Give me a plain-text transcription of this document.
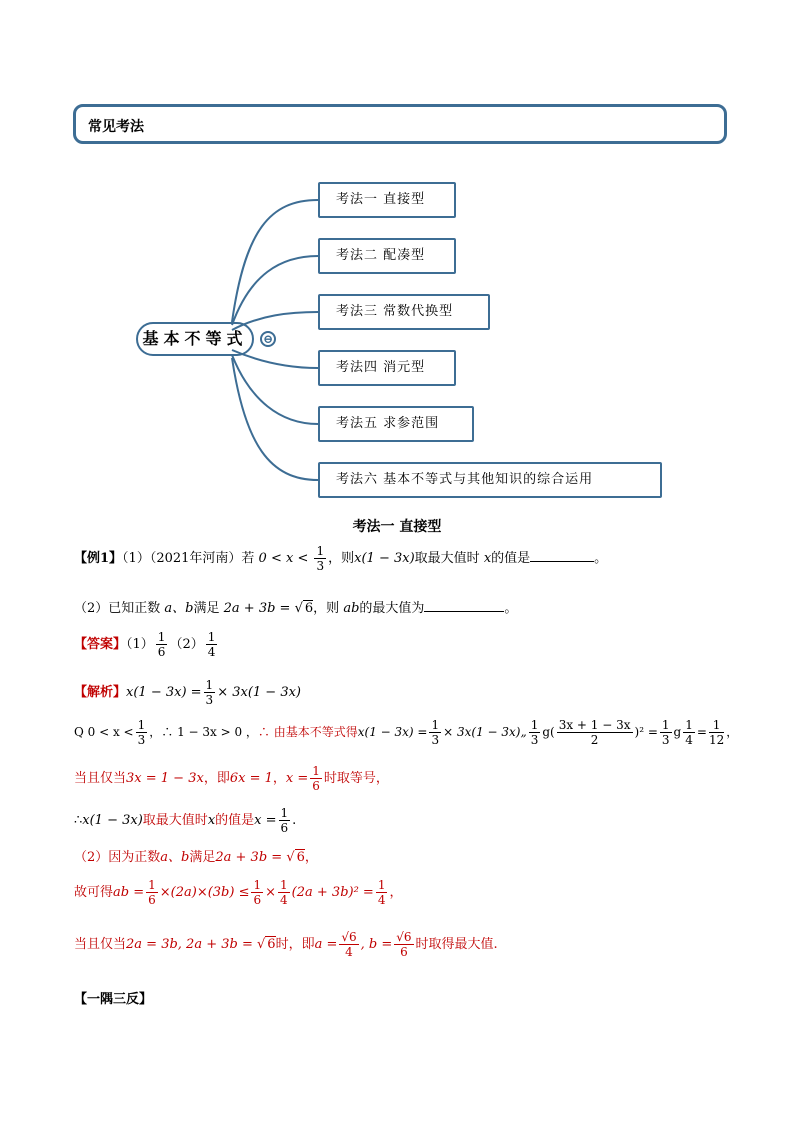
常见考法
基本不等式	⊖
考法一 直接型
考法二 配凑型
考法三 常数代换型
考法四 消元型
考法五 求参范围
考法六 基本不等式与其他知识的综合运用
考法一 直接型
【例1】（1）（2021年河南）若 $0 < x < \frac{1}{3}$ ，则x(1 − 3x)取最大值时 x的值是	。
（2）已知正数 a、b满足 2a + 3b = √ 6，则 ab的最大值为	。
【答案】$(1) \frac{1}{6} (2) \frac{1}{4}$
【解析】$x(1 - 3x) = \frac{1}{3} \times 3x(1 - 3x)$
Q $0 < x < \frac{1}{3}$ ，∴ 1 − 3x > 0 ，∴ 由基本不等式得$x(1 - 3x) = \frac{1}{3} \times 3x(1$ − 3x)„ $\frac{1}{3} g( \frac{3x + 1 - 3x}{2} )^2 = \frac{1}{3}$ g $\frac{1}{4} = \frac{1}{12}$ ，
当且仅当3x = 1 − 3x，即6x = 1，$x = \frac{1}{6}$ 时取等号，
∴x(1 − 3x)取最大值时x的值是$x = \frac{1}{6}$ .
（2）因为正数a、b满足2a + 3b = √ 6，
故可得ab = $\frac{1}{6} \times(2a)\times(3b) \le \frac{1}{6} \times \frac{1}{4} (2a + 3b)^2 = \frac{1}{4}$ ，
当且仅当2a = 3b, 2a + 3b = √ 6时，即$a = \frac{√6}{4}$ , $b = \frac{√6}{6}$ 时取得最大值.
【一隅三反】
